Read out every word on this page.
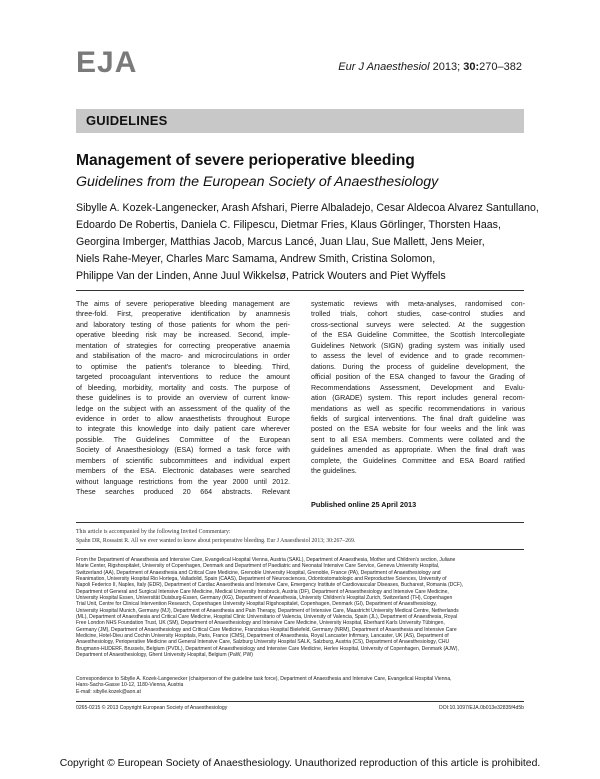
EJA	Eur J Anaesthesiol 2013; 30:270–382
GUIDELINES
Management of severe perioperative bleeding
Guidelines from the European Society of Anaesthesiology
Sibylle A. Kozek-Langenecker, Arash Afshari, Pierre Albaladejo, Cesar Aldecoa Alvarez Santullano,
Edoardo De Robertis, Daniela C. Filipescu, Dietmar Fries, Klaus Görlinger, Thorsten Haas,
Georgina Imberger, Matthias Jacob, Marcus Lancé, Juan Llau, Sue Mallett, Jens Meier,
Niels Rahe-Meyer, Charles Marc Samama, Andrew Smith, Cristina Solomon,
Philippe Van der Linden, Anne Juul Wikkelsø, Patrick Wouters and Piet Wyffels
The aims of severe perioperative bleeding management are
three-fold. First, preoperative identification by anamnesis
and laboratory testing of those patients for whom the peri-
operative bleeding risk may be increased. Second, imple-
mentation of strategies for correcting preoperative anaemia
and stabilisation of the macro- and microcirculations in order
to optimise the patient's tolerance to bleeding. Third,
targeted procoagulant interventions to reduce the amount
of bleeding, morbidity, mortality and costs. The purpose of
these guidelines is to provide an overview of current know-
ledge on the subject with an assessment of the quality of the
evidence in order to allow anaesthetists throughout Europe
to integrate this knowledge into daily patient care wherever
possible. The Guidelines Committee of the European
Society of Anaesthesiology (ESA) formed a task force with
members of scientific subcommittees and individual expert
members of the ESA. Electronic databases were searched
without language restrictions from the year 2000 until 2012.
These searches produced 20 664 abstracts. Relevant
systematic reviews with meta-analyses, randomised con-
trolled trials, cohort studies, case-control studies and
cross-sectional surveys were selected. At the suggestion
of the ESA Guideline Committee, the Scottish Intercollegiate
Guidelines Network (SIGN) grading system was initially used
to assess the level of evidence and to grade recommen-
dations. During the process of guideline development, the
official position of the ESA changed to favour the Grading of
Recommendations Assessment, Development and Evalu-
ation (GRADE) system. This report includes general recom-
mendations as well as specific recommendations in various
fields of surgical interventions. The final draft guideline was
posted on the ESA website for four weeks and the link was
sent to all ESA members. Comments were collated and the
guidelines amended as appropriate. When the final draft was
complete, the Guidelines Committee and ESA Board ratified
the guidelines.
Published online 25 April 2013
This article is accompanied by the following Invited Commentary:
Spahn DR, Rossaint R. All we ever wanted to know about perioperative bleeding. Eur J Anaesthesiol 2013; 30:267–269.
From the Department of Anaesthesia and Intensive Care, Evangelical Hospital Vienna, Austria (SAKL), Department of Anaesthesia, Mother and Children's section, Juliane
Marie Center, Rigshospitalet, University of Copenhagen, Denmark and Department of Paediatric and Neonatal Intensive Care Service, Geneva University Hospital,
Switzerland (AA), Department of Anaesthesia and Critical Care Medicine, Grenoble University Hospital, Grenoble, France (PA), Department of Anaesthesiology and
Reanimation, University Hospital Rio Hortega, Valladolid, Spain (CAAS), Department of Neurosciences, Odontostomatologic and Reproductive Sciences, University of
Napoli Federico II, Naples, Italy (EDR), Department of Cardiac Anaesthesia and Intensive Care, Emergency Institute of Cardiovascular Diseases, Bucharest, Romania (DCF),
Department of General and Surgical Intensive Care Medicine, Medical University Innsbruck, Austria (DF), Department of Anaesthesiology and Intensive Care Medicine,
University Hospital Essen, Universität Duisburg-Essen, Germany (KG), Department of Anaesthesia, University Children's Hospital Zurich, Switzerland (TH), Copenhagen
Trial Unit, Centre for Clinical Intervention Research, Copenhagen University Hospital Rigshospitalet, Copenhagen, Denmark (GI), Department of Anaesthesiology,
University Hospital Munich, Germany (MJ), Department of Anaesthesia and Pain Therapy, Department of Intensive Care, Maastricht University Medical Centre, Netherlands
(ML), Department of Anaesthesia and Critical Care Medicine, Hospital Clinic Universitario of Valencia, University of Valencia, Spain (JL), Department of Anaesthesia, Royal
Free London NHS Foundation Trust, UK (SM), Department of Anaesthesiology and Intensive Care Medicine, University Hospital, Eberhard Karls University Tübingen,
Germany (JM), Department of Anaesthesiology and Critical Care Medicine, Franziskus Hospital Bielefeld, Germany (NRM), Department of Anaesthesia and Intensive Care
Medicine, Hotel-Dieu and Cochin University Hospitals, Paris, France (CMS), Department of Anaesthesia, Royal Lancaster Infirmary, Lancaster, UK (AS), Department of
Anaesthesiology, Perioperative Medicine and General Intensive Care, Salzburg University Hospital SALK, Salzburg, Austria (CS), Department of Anaesthesiology, CHU
Brugmann-HUDERF, Brussels, Belgium (PVDL), Department of Anaesthesiology and Intensive Care Medicine, Herlev Hospital, University of Copenhagen, Denmark (AJW),
Department of Anaesthesiology, Ghent University Hospital, Belgium (PaW, PW)
Correspondence to Sibylle A. Kozek-Langenecker (chairperson of the guideline task force), Department of Anaesthesia and Intensive Care, Evangelical Hospital Vienna,
Hans-Sachs-Gasse 10-12, 1180-Vienna, Austria
E-mail: sibylle.kozek@aon.at
0265-0215 © 2013 Copyright European Society of Anaesthesiology	DOI:10.1097/EJA.0b013e32835f4d5b
Copyright © European Society of Anaesthesiology. Unauthorized reproduction of this article is prohibited.
